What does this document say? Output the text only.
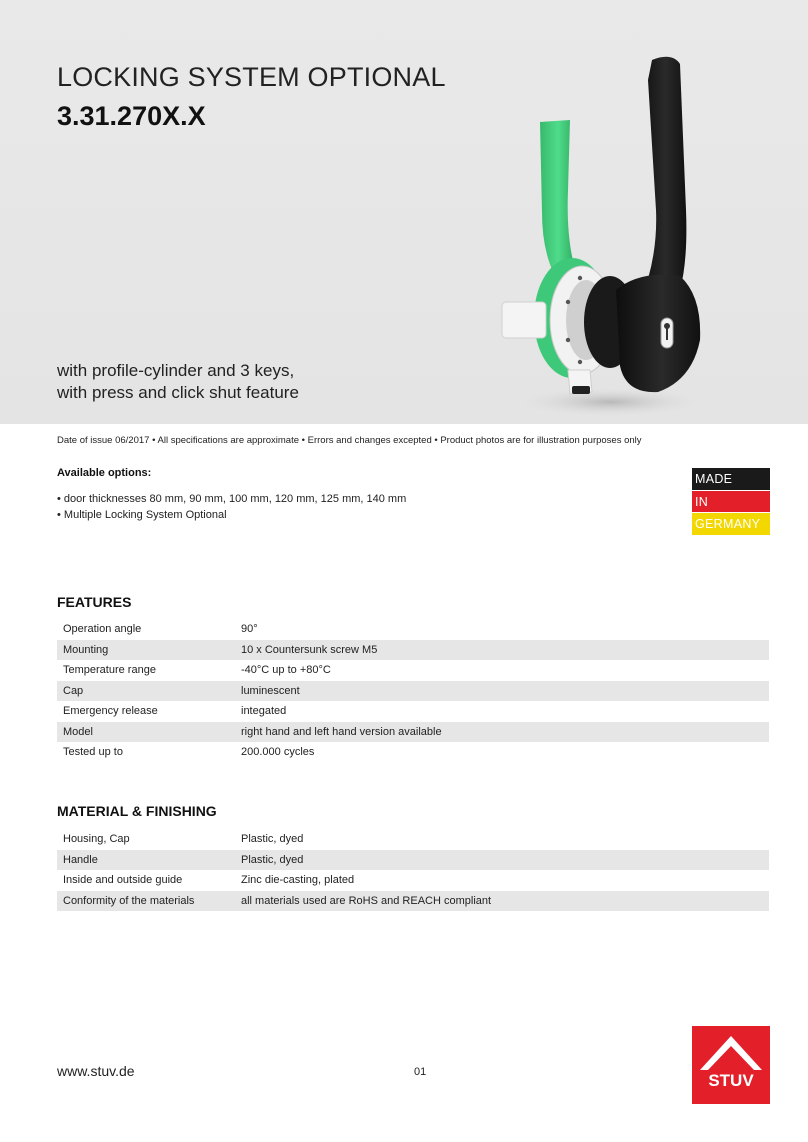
LOCKING SYSTEM OPTIONAL
3.31.270X.X
with profile-cylinder and 3 keys,
with press and click shut feature
Date of issue 06/2017 • All specifications are approximate • Errors and changes excepted • Product photos are for illustration purposes only
Available options:
• door thicknesses 80 mm, 90 mm, 100 mm, 120 mm, 125 mm, 140 mm
• Multiple Locking System Optional
MADE
IN
GERMANY
FEATURES
Operation angle	90°
Mounting	10 x Countersunk screw M5
Temperature range	-40°C up to +80°C
Cap	luminescent
Emergency release	integated
Model	right hand and left hand version available
Tested up to	200.000 cycles
MATERIAL & FINISHING
Housing, Cap	Plastic, dyed
Handle	Plastic, dyed
Inside and outside guide	Zinc die-casting, plated
Conformity of the materials	all materials used are RoHS and REACH compliant
www.stuv.de	01	STUV
